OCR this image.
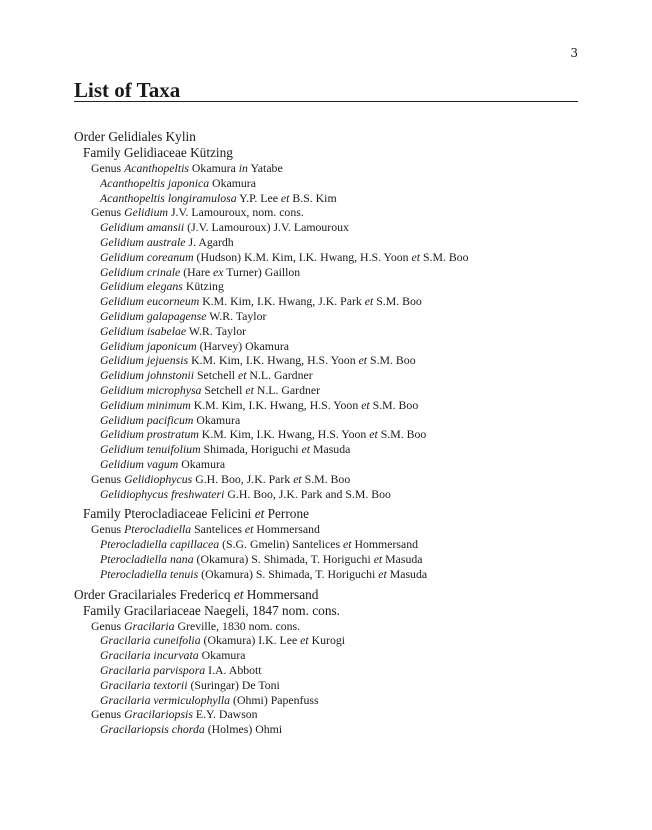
3
List of Taxa
Order Gelidiales Kylin
Family Gelidiaceae Kützing
Genus Acanthopeltis Okamura in Yatabe
Acanthopeltis japonica Okamura
Acanthopeltis longiramulosa Y.P. Lee et B.S. Kim
Genus Gelidium J.V. Lamouroux, nom. cons.
Gelidium amansii (J.V. Lamouroux) J.V. Lamouroux
Gelidium australe J. Agardh
Gelidium coreanum (Hudson) K.M. Kim, I.K. Hwang, H.S. Yoon et S.M. Boo
Gelidium crinale (Hare ex Turner) Gaillon
Gelidium elegans Kützing
Gelidium eucorneum K.M. Kim, I.K. Hwang, J.K. Park et S.M. Boo
Gelidium galapagense W.R. Taylor
Gelidium isabelae W.R. Taylor
Gelidium japonicum (Harvey) Okamura
Gelidium jejuensis K.M. Kim, I.K. Hwang, H.S. Yoon et S.M. Boo
Gelidium johnstonii Setchell et N.L. Gardner
Gelidium microphysa Setchell et N.L. Gardner
Gelidium minimum K.M. Kim, I.K. Hwang, H.S. Yoon et S.M. Boo
Gelidium pacificum Okamura
Gelidium prostratum K.M. Kim, I.K. Hwang, H.S. Yoon et S.M. Boo
Gelidium tenuifolium Shimada, Horiguchi et Masuda
Gelidium vagum Okamura
Genus Gelidiophycus G.H. Boo, J.K. Park et S.M. Boo
Gelidiophycus freshwateri G.H. Boo, J.K. Park and S.M. Boo
Family Pterocladiaceae Felicini et Perrone
Genus Pterocladiella Santelices et Hommersand
Pterocladiella capillacea (S.G. Gmelin) Santelices et Hommersand
Pterocladiella nana (Okamura) S. Shimada, T. Horiguchi et Masuda
Pterocladiella tenuis (Okamura) S. Shimada, T. Horiguchi et Masuda
Order Gracilariales Fredericq et Hommersand
Family Gracilariaceae Naegeli, 1847 nom. cons.
Genus Gracilaria Greville, 1830 nom. cons.
Gracilaria cuneifolia (Okamura) I.K. Lee et Kurogi
Gracilaria incurvata Okamura
Gracilaria parvispora I.A. Abbott
Gracilaria textorii (Suringar) De Toni
Gracilaria vermiculophylla (Ohmi) Papenfuss
Genus Gracilariopsis E.Y. Dawson
Gracilariopsis chorda (Holmes) Ohmi
